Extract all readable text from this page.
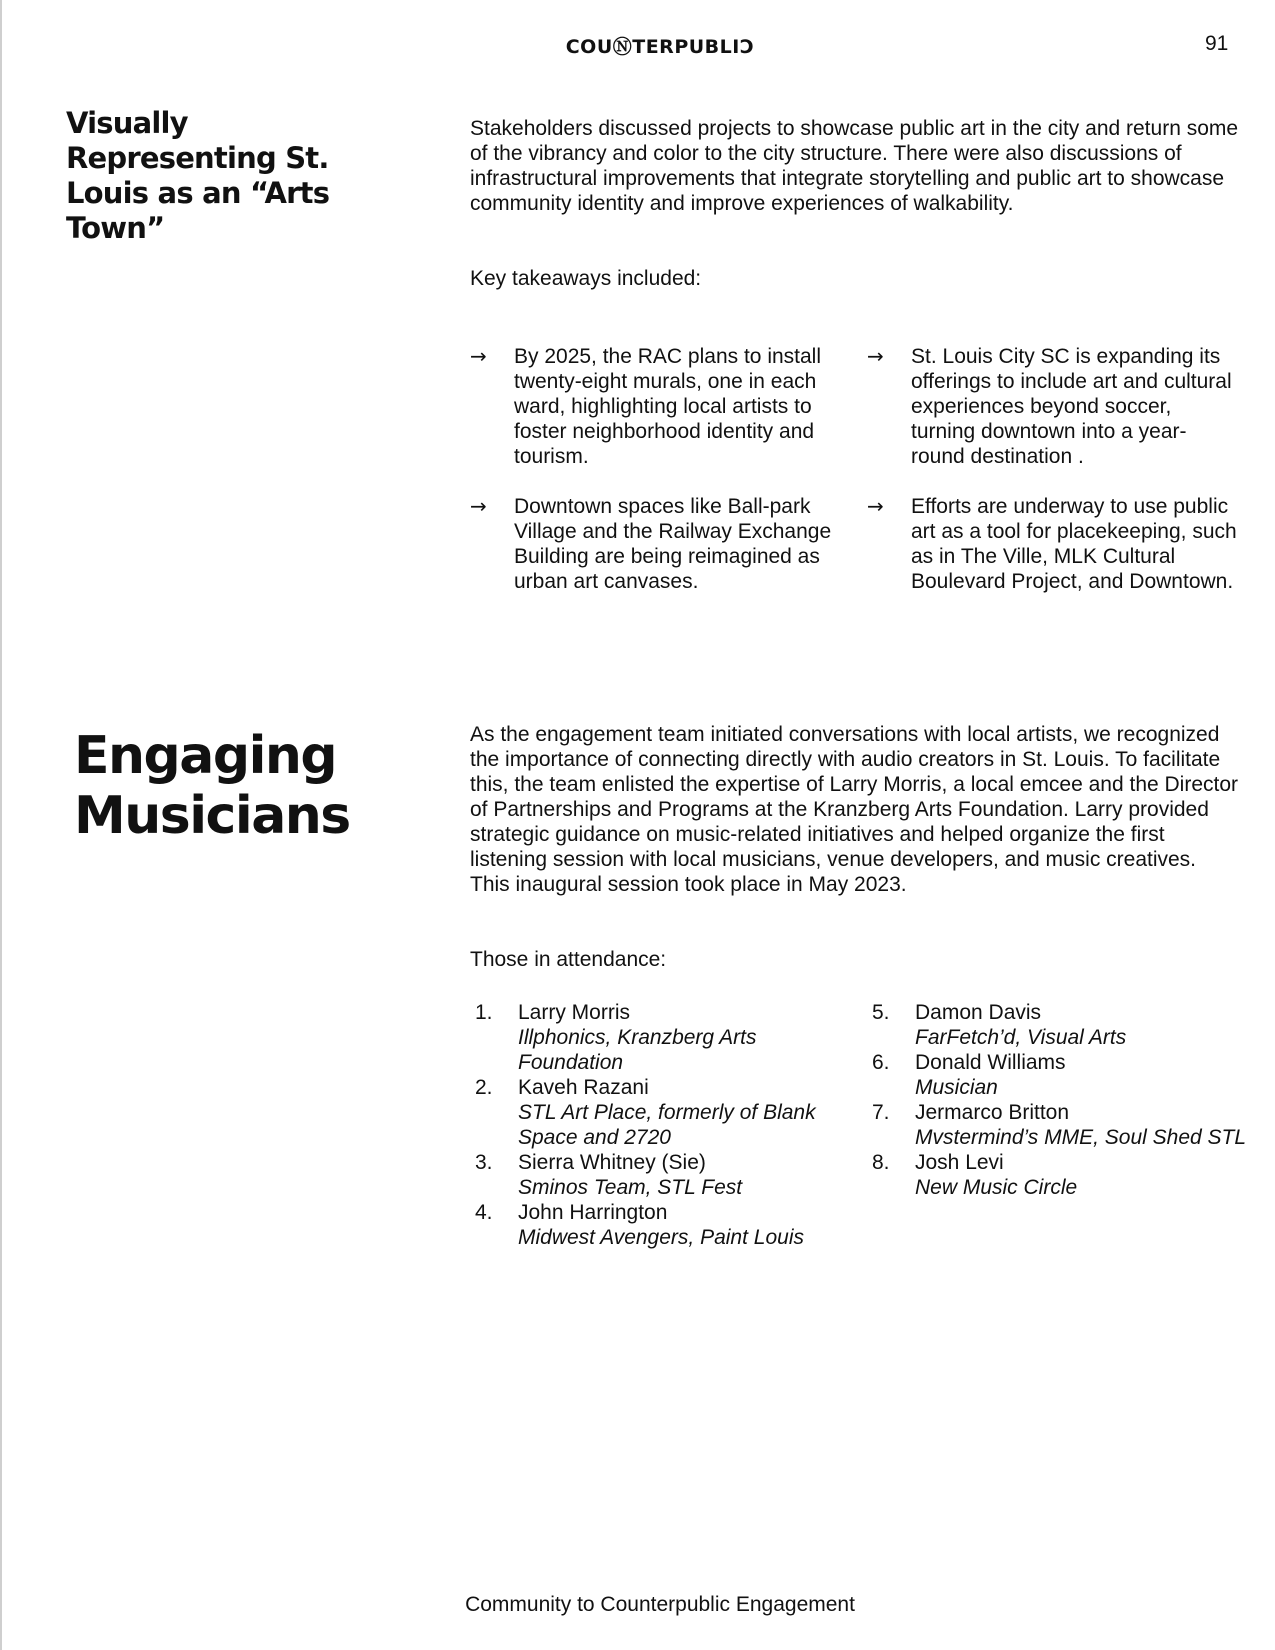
COUⓃTERPUBLIƆ	91
Visually Representing St. Louis as an “Arts Town”

Stakeholders discussed projects to showcase public art in the city and return some of the vibrancy and color to the city structure. There were also discussions of infrastructural improvements that integrate storytelling and public art to showcase community identity and improve experiences of walkability.

Key takeaways included:

→ By 2025, the RAC plans to install twenty-eight murals, one in each ward, highlighting local artists to foster neighborhood identity and tourism.
→ Downtown spaces like Ball-park Village and the Railway Exchange Building are being reimagined as urban art canvases.
→ St. Louis City SC is expanding its offerings to include art and cultural experiences beyond soccer, turning downtown into a year-round destination .
→ Efforts are underway to use public art as a tool for placekeeping, such as in The Ville, MLK Cultural Boulevard Project, and Downtown.
Engaging Musicians

As the engagement team initiated conversations with local artists, we recognized the importance of connecting directly with audio creators in St. Louis. To facilitate this, the team enlisted the expertise of Larry Morris, a local emcee and the Director of Partnerships and Programs at the Kranzberg Arts Foundation. Larry provided strategic guidance on music-related initiatives and helped organize the first listening session with local musicians, venue developers, and music creatives. This inaugural session took place in May 2023.

Those in attendance:

1. Larry Morris
Illphonics, Kranzberg Arts Foundation
2. Kaveh Razani
STL Art Place, formerly of Blank Space and 2720
3. Sierra Whitney (Sie)
Sminos Team, STL Fest
4. John Harrington
Midwest Avengers, Paint Louis
5. Damon Davis
FarFetch’d, Visual Arts
6. Donald Williams
Musician
7. Jermarco Britton
Mvstermind’s MME, Soul Shed STL
8. Josh Levi
New Music Circle
Community to Counterpublic Engagement
